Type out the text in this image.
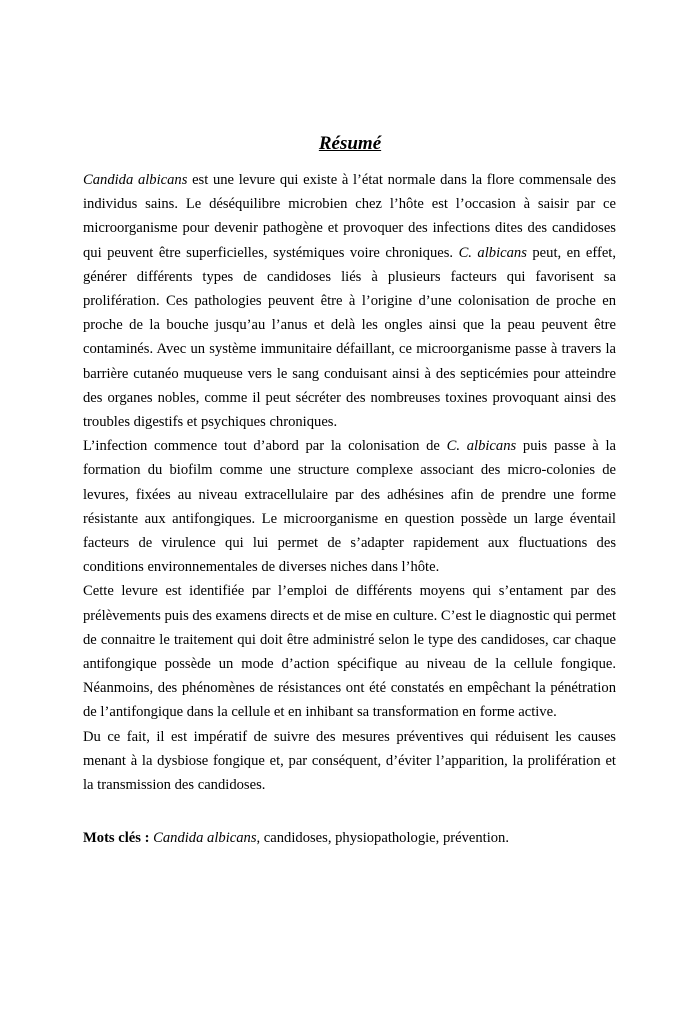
Résumé

Candida albicans est une levure qui existe à l’état normale dans la flore commensale des individus sains. Le déséquilibre microbien chez l’hôte est l’occasion à saisir par ce microorganisme pour devenir pathogène et provoquer des infections dites des candidoses qui peuvent être superficielles, systémiques voire chroniques. C. albicans peut, en effet, générer différents types de candidoses liés à plusieurs facteurs qui favorisent sa prolifération. Ces pathologies peuvent être à l’origine d’une colonisation de proche en proche de la bouche jusqu’au l’anus et delà les ongles ainsi que la peau peuvent être contaminés. Avec un système immunitaire défaillant, ce microorganisme passe à travers la barrière cutanéo muqueuse vers le sang conduisant ainsi à des septicémies pour atteindre des organes nobles, comme il peut sécréter des nombreuses toxines provoquant ainsi des troubles digestifs et psychiques chroniques.

L’infection commence tout d’abord par la colonisation de C. albicans puis passe à la formation du biofilm comme une structure complexe associant des micro-colonies de levures, fixées au niveau extracellulaire par des adhésines afin de prendre une forme résistante aux antifongiques. Le microorganisme en question possède un large éventail facteurs de virulence qui lui permet de s’adapter rapidement aux fluctuations des conditions environnementales de diverses niches dans l’hôte.

Cette levure est identifiée par l’emploi de différents moyens qui s’entament par des prélèvements puis des examens directs et de mise en culture. C’est le diagnostic qui permet de connaitre le traitement qui doit être administré selon le type des candidoses, car chaque antifongique possède un mode d’action spécifique au niveau de la cellule fongique. Néanmoins, des phénomènes de résistances ont été constatés en empêchant la pénétration de l’antifongique dans la cellule et en inhibant sa transformation en forme active.

Du ce fait, il est impératif de suivre des mesures préventives qui réduisent les causes menant à la dysbiose fongique et, par conséquent, d’éviter l’apparition, la prolifération et la transmission des candidoses.

Mots clés : Candida albicans, candidoses, physiopathologie, prévention.
